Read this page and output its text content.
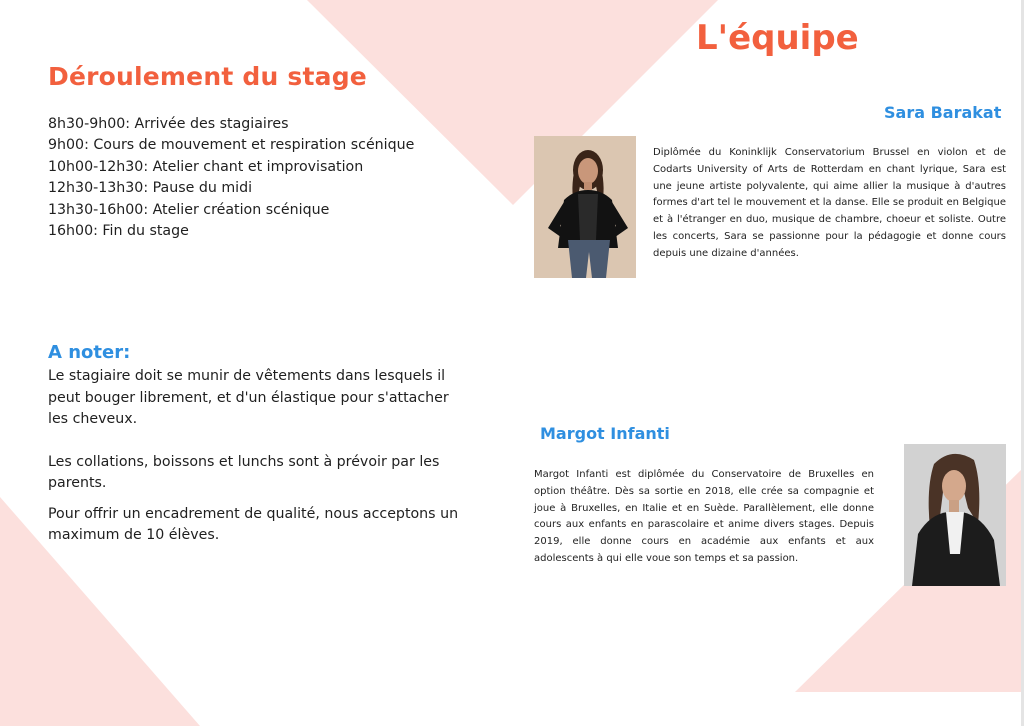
Déroulement du stage
8h30-9h00: Arrivée des stagiaires
9h00: Cours de mouvement et respiration scénique
10h00-12h30: Atelier chant et improvisation
12h30-13h30: Pause du midi
13h30-16h00: Atelier création scénique
16h00: Fin du stage
A noter:

Le stagiaire doit se munir de vêtements dans lesquels il peut bouger librement, et d'un élastique pour s'attacher les cheveux.

Les collations, boissons et lunchs sont à prévoir par les parents.

Pour offrir un encadrement de qualité, nous acceptons un maximum de 10 élèves.

L'équipe
Sara Barakat

Diplômée du Koninklijk Conservatorium Brussel en violon et de Codarts University of Arts de Rotterdam en chant lyrique, Sara est une jeune artiste polyvalente, qui aime allier la musique à d'autres formes d'art tel le mouvement et la danse. Elle se produit en Belgique et à l'étranger en duo, musique de chambre, choeur et soliste. Outre les concerts, Sara se passionne pour la pédagogie et donne cours depuis une dizaine d'années.

Margot Infanti

Margot Infanti est diplômée du Conservatoire de Bruxelles en option théâtre. Dès sa sortie en 2018, elle crée sa compagnie et joue à Bruxelles, en Italie et en Suède. Parallèlement, elle donne cours aux enfants en parascolaire et anime divers stages. Depuis 2019, elle donne cours en académie aux enfants et aux adolescents à qui elle voue son temps et sa passion.
